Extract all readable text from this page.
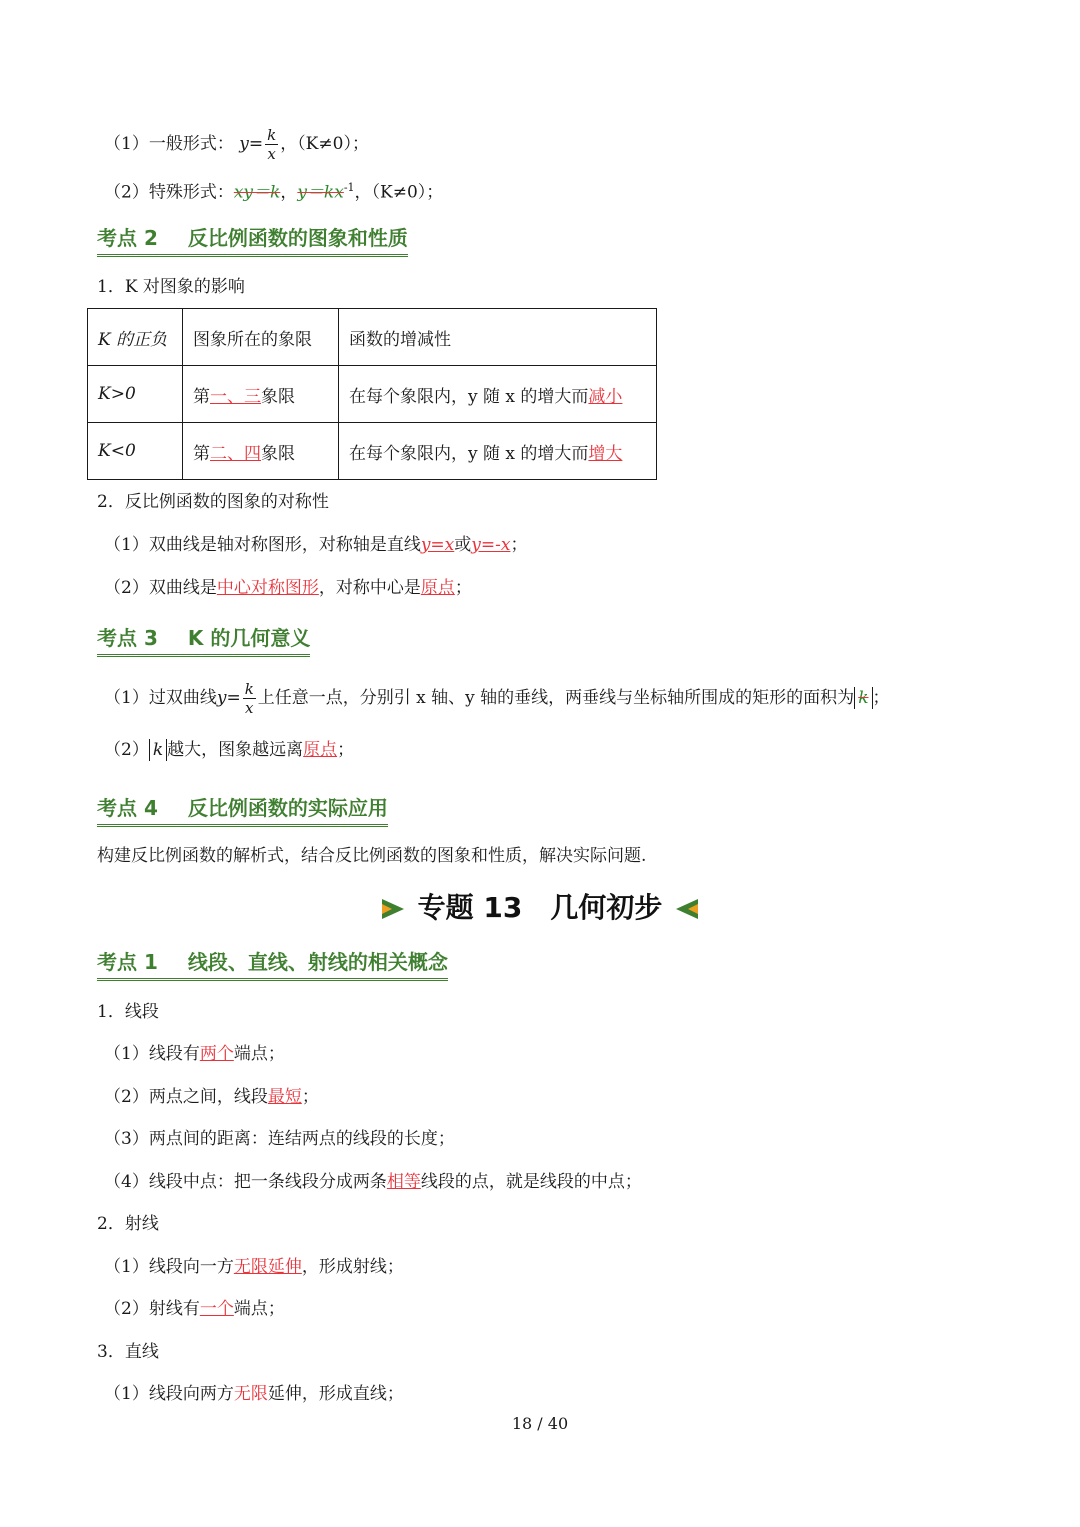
（1）一般形式： $y= \frac{k}{x}$ ，（K≠0）；
（2）特殊形式：xy＝k，$y=kx^{-1}$，（K≠0）；
考点 2 反比例函数的图象和性质
1．K 对图象的影响
K 的正负	图象所在的象限	函数的增减性
K>0	第一、三象限	在每个象限内，y 随 x 的增大而减小
K<0	第二、四象限	在每个象限内，y 随 x 的增大而增大
2．反比例函数的图象的对称性
（1）双曲线是轴对称图形，对称轴是直线y=x或y=-x；
（2）双曲线是中心对称图形，对称中心是原点；
考点 3 K 的几何意义
（1）过双曲线$y= \frac{k}{x}$ 上任意一点，分别引 x 轴、y 轴的垂线，两垂线与坐标轴所围成的矩形的面积为 k ；
（2） k 越大，图象越远离原点；
考点 4 反比例函数的实际应用
构建反比例函数的解析式，结合反比例函数的图象和性质，解决实际问题.
专题 13　几何初步
考点 1 线段、直线、射线的相关概念
1．线段
（1）线段有两个端点；
（2）两点之间，线段最短；
（3）两点间的距离：连结两点的线段的长度；
（4）线段中点：把一条线段分成两条相等线段的点，就是线段的中点；
2．射线
（1）线段向一方无限延伸，形成射线；
（2）射线有一个端点；
3．直线
（1）线段向两方无限延伸，形成直线；
18 / 40
